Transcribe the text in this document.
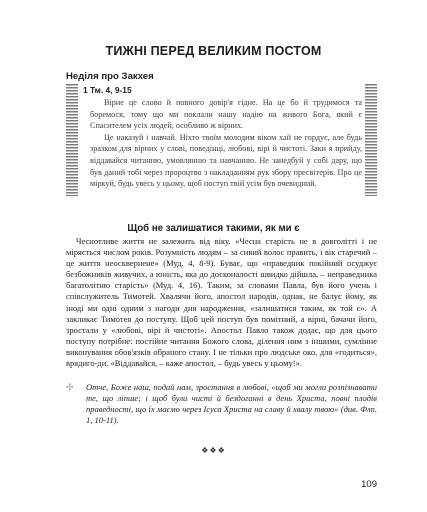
ТИЖНІ ПЕРЕД ВЕЛИКИМ ПОСТОМ
Неділя про Закхея

Вірне це слово й повного довір'я гідне. На це бо й трудимося та боремося, тому що ми поклали нашу надію на живого Бога, який є Спасителем усіх людей, особливо ж вірних.

Це наказуй і навчай. Ніхто твоїм молодим віком хай не гордує, але будь зразком для вірних у слові, поведінці, любові, вірі й чистоті. Заки я прийду, віддавайся читанню, умовлянню та навчанню. Не занедбуй у собі дару, що був даний тобі через пророцтво з накладанням рук збору пресвітерів. Про це міркуй, будь увесь у цьому, щоб поступ твій усім був очевидний.

1 Тм. 4, 9-15
Щоб не залишатися такими, як ми є

Чеснотливе життя не залежить від віку. «Чесна старість не в довголітті і не міряється числом років. Розумність людям – за сивий волос править, і вік старечий – це життя неосквернене» (Муд. 4, 8-9). Буває, що «праведник покійний осуджує безбожників живучих, а юність, яка до досконалості швидко дійшла, – неправедника багатолітню старість» (Муд. 4, 16). Таким, за словами Павла, був його учень і співслужитель Тимотей. Хвалячи його, апостол народів, однак, не балує йому, як іноді ми одні одним з нагоди дня народження, «залишатися таким, як той є». А закликає Тимотея до поступу. Щоб цей поступ був помітний, а вірні, бачачи його, зростали у «любові, вірі й чистоті». Апостол Павло також додає, що для цього поступу потрібне: постійне читання Божого слова, ділення ним з іншими, сумлінне виконування обов'язків обраного стану. І не тільки про людське око, для «годиться», врядиго-ди. «Віддавайся, – каже апостол, – будь увесь у цьому!».

✣ Отче, Боже наш, подай нам, зростання в любові, «щоб ми могли розпізнавати те, що ліпше; і щоб були чисті й бездоганні в день Христа, повні плодів праведності, що їх маємо через Ісуса Христа на славу й хвалу твою» (див. Флп. 1, 10-11).
❖❖❖
109
